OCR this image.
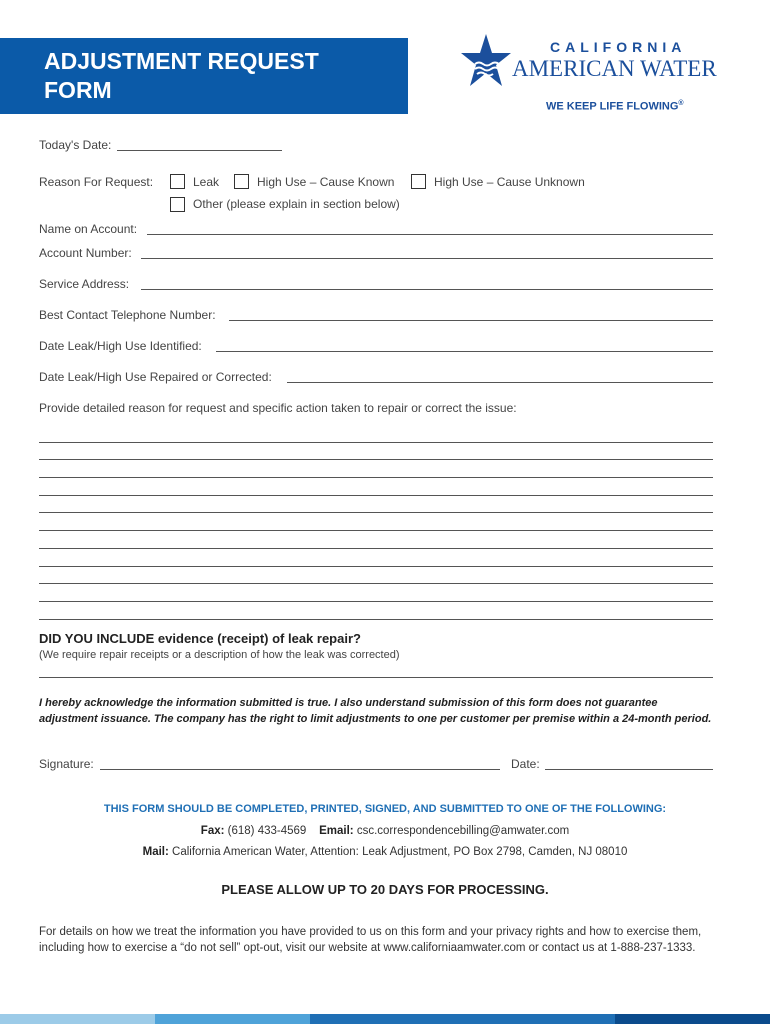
ADJUSTMENT REQUEST
FORM
CALIFORNIA
AMERICAN WATER
WE KEEP LIFE FLOWING®
Today's Date:
Reason For Request:	Leak	High Use – Cause Known	High Use – Cause Unknown
Other (please explain in section below)
Name on Account:
Account Number:
Service Address:
Best Contact Telephone Number:
Date Leak/High Use Identified:
Date Leak/High Use Repaired or Corrected:
Provide detailed reason for request and specific action taken to repair or correct the issue:
DID YOU INCLUDE evidence (receipt) of leak repair?
(We require repair receipts or a description of how the leak was corrected)
I hereby acknowledge the information submitted is true. I also understand submission of this form does not guarantee adjustment issuance. The company has the right to limit adjustments to one per customer per premise within a 24-month period.
Signature:	Date:
THIS FORM SHOULD BE COMPLETED, PRINTED, SIGNED, AND SUBMITTED TO ONE OF THE FOLLOWING:
Fax: (618) 433-4569 Email: csc.correspondencebilling@amwater.com
Mail: California American Water, Attention: Leak Adjustment, PO Box 2798, Camden, NJ 08010
PLEASE ALLOW UP TO 20 DAYS FOR PROCESSING.
For details on how we treat the information you have provided to us on this form and your privacy rights and how to exercise them, including how to exercise a “do not sell” opt-out, visit our website at www.californiaamwater.com or contact us at 1-888-237-1333.
